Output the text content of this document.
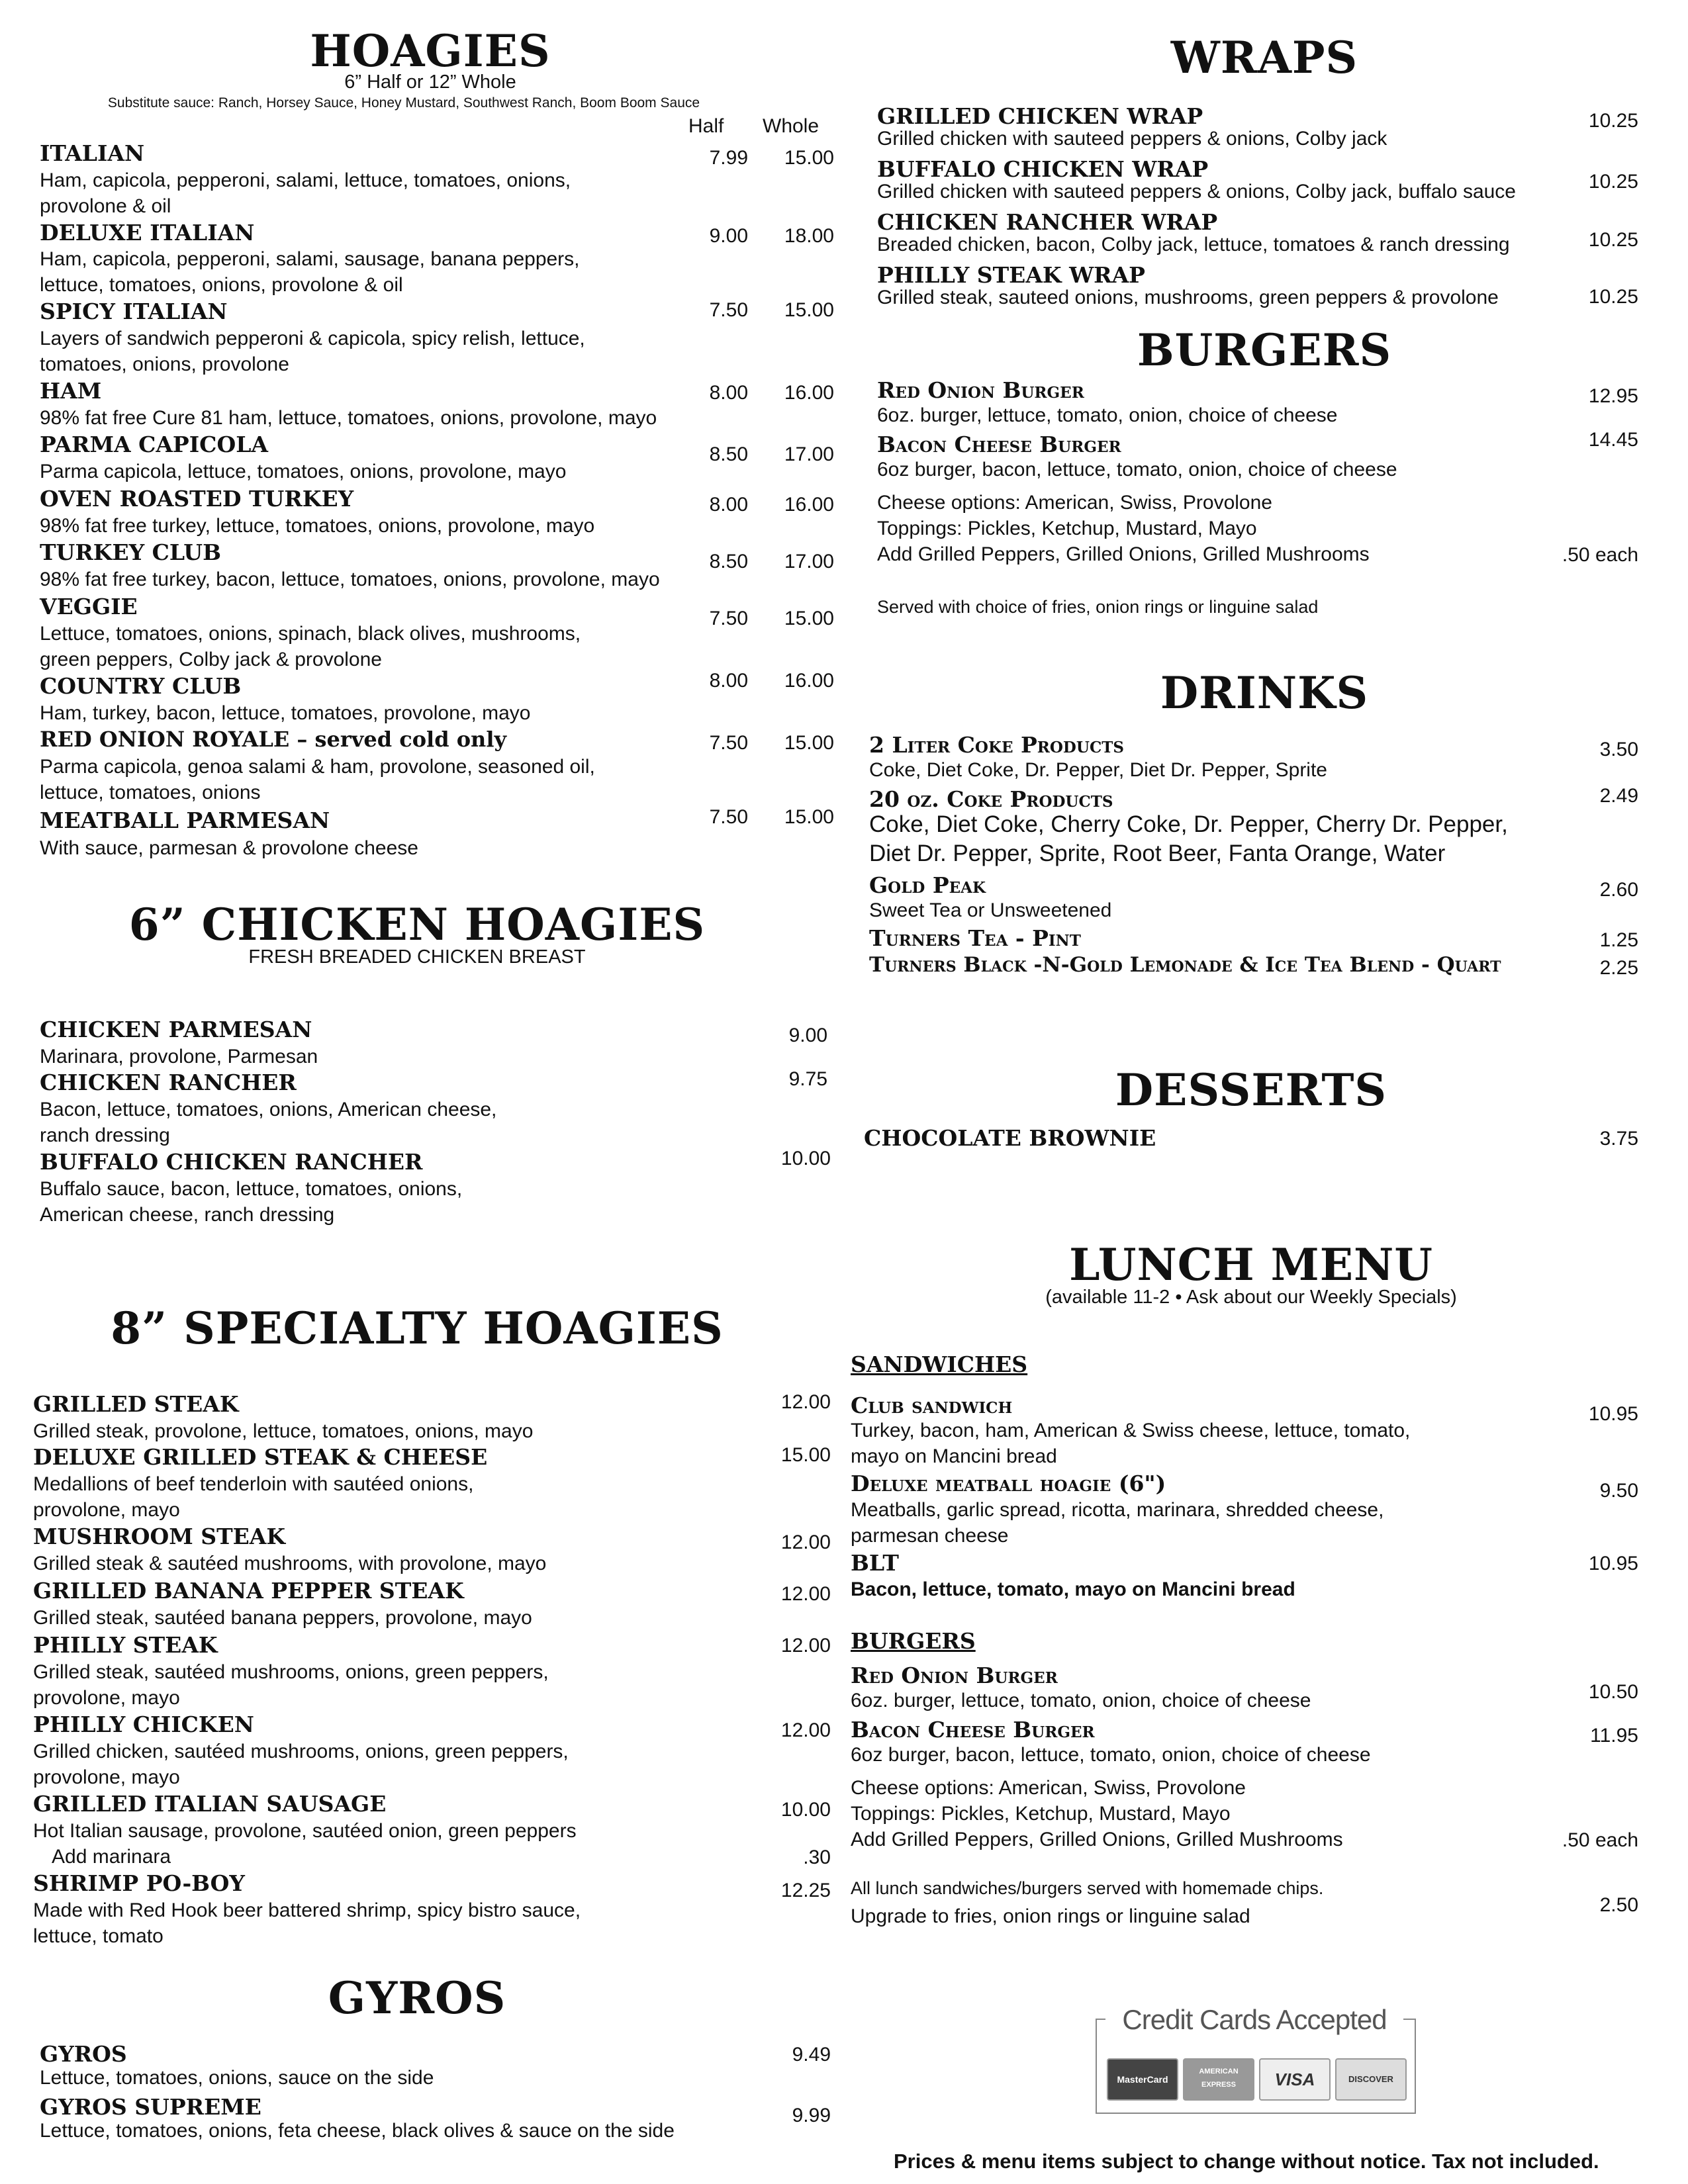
HOAGIES
6” Half or 12” Whole
Substitute sauce: Ranch, Horsey Sauce, Honey Mustard, Southwest Ranch, Boom Boom Sauce
Half Whole
ITALIAN
Ham, capicola, pepperoni, salami, lettuce, tomatoes, onions,
provolone & oil
7.99	15.00
DELUXE ITALIAN
Ham, capicola, pepperoni, salami, sausage, banana peppers,
lettuce, tomatoes, onions, provolone & oil
9.00	18.00
SPICY ITALIAN
Layers of sandwich pepperoni & capicola, spicy relish, lettuce,
tomatoes, onions, provolone
7.50	15.00
HAM
98% fat free Cure 81 ham, lettuce, tomatoes, onions, provolone, mayo
8.00	16.00
PARMA CAPICOLA
Parma capicola, lettuce, tomatoes, onions, provolone, mayo
8.50	17.00
OVEN ROASTED TURKEY
98% fat free turkey, lettuce, tomatoes, onions, provolone, mayo
8.00	16.00
TURKEY CLUB
98% fat free turkey, bacon, lettuce, tomatoes, onions, provolone, mayo
8.50	17.00
VEGGIE
Lettuce, tomatoes, onions, spinach, black olives, mushrooms,
green peppers, Colby jack & provolone
7.50	15.00
COUNTRY CLUB
Ham, turkey, bacon, lettuce, tomatoes, provolone, mayo
8.00	16.00
RED ONION ROYALE – served cold only
Parma capicola, genoa salami & ham, provolone, seasoned oil,
lettuce, tomatoes, onions
7.50	15.00
MEATBALL PARMESAN
With sauce, parmesan & provolone cheese
7.50	15.00
6” CHICKEN HOAGIES
FRESH BREADED CHICKEN BREAST
CHICKEN PARMESAN
Marinara, provolone, Parmesan
9.00
CHICKEN RANCHER
Bacon, lettuce, tomatoes, onions, American cheese,
ranch dressing
9.75
BUFFALO CHICKEN RANCHER
Buffalo sauce, bacon, lettuce, tomatoes, onions,
American cheese, ranch dressing
10.00
8” SPECIALTY HOAGIES
GRILLED STEAK
Grilled steak, provolone, lettuce, tomatoes, onions, mayo
12.00
DELUXE GRILLED STEAK & CHEESE
Medallions of beef tenderloin with sautéed onions,
provolone, mayo
15.00
MUSHROOM STEAK
Grilled steak & sautéed mushrooms, with provolone, mayo
12.00
GRILLED BANANA PEPPER STEAK
Grilled steak, sautéed banana peppers, provolone, mayo
12.00
PHILLY STEAK
Grilled steak, sautéed mushrooms, onions, green peppers,
provolone, mayo
12.00
PHILLY CHICKEN
Grilled chicken, sautéed mushrooms, onions, green peppers,
provolone, mayo
12.00
GRILLED ITALIAN SAUSAGE
Hot Italian sausage, provolone, sautéed onion, green peppers
Add marinara
10.00
.30
SHRIMP PO-BOY
Made with Red Hook beer battered shrimp, spicy bistro sauce,
lettuce, tomato
12.25
GYROS
GYROS
Lettuce, tomatoes, onions, sauce on the side
9.49
GYROS SUPREME
Lettuce, tomatoes, onions, feta cheese, black olives & sauce on the side
9.99
WRAPS
GRILLED CHICKEN WRAP
Grilled chicken with sauteed peppers & onions, Colby jack
10.25
BUFFALO CHICKEN WRAP
Grilled chicken with sauteed peppers & onions, Colby jack, buffalo sauce	10.25
CHICKEN RANCHER WRAP
Breaded chicken, bacon, Colby jack, lettuce, tomatoes & ranch dressing	10.25
PHILLY STEAK WRAP
Grilled steak, sauteed onions, mushrooms, green peppers & provolone	10.25
BURGERS
Red Onion Burger
6oz. burger, lettuce, tomato, onion, choice of cheese
12.95
Bacon Cheese Burger
6oz burger, bacon, lettuce, tomato, onion, choice of cheese
14.45
Cheese options: American, Swiss, Provolone
Toppings: Pickles, Ketchup, Mustard, Mayo
Add Grilled Peppers, Grilled Onions, Grilled Mushrooms	.50 each
Served with choice of fries, onion rings or linguine salad
DRINKS
2 Liter Coke Products
Coke, Diet Coke, Dr. Pepper, Diet Dr. Pepper, Sprite
3.50
20 oz. Coke Products
Coke, Diet Coke, Cherry Coke, Dr. Pepper, Cherry Dr. Pepper,
Diet Dr. Pepper, Sprite, Root Beer, Fanta Orange, Water
2.49
Gold Peak
Sweet Tea or Unsweetened
2.60
Turners Tea - Pint	1.25
Turners Black -N-Gold Lemonade & Ice Tea Blend - Quart	2.25
DESSERTS
CHOCOLATE BROWNIE	3.75
LUNCH MENU
(available 11-2 • Ask about our Weekly Specials)
SANDWICHES
Club sandwich
Turkey, bacon, ham, American & Swiss cheese, lettuce, tomato,
mayo on Mancini bread
10.95
Deluxe meatball hoagie (6")
Meatballs, garlic spread, ricotta, marinara, shredded cheese,
parmesan cheese
9.50
BLT
Bacon, lettuce, tomato, mayo on Mancini bread
10.95
BURGERS
Red Onion Burger
6oz. burger, lettuce, tomato, onion, choice of cheese	10.50
Bacon Cheese Burger
6oz burger, bacon, lettuce, tomato, onion, choice of cheese
11.95
Cheese options: American, Swiss, Provolone
Toppings: Pickles, Ketchup, Mustard, Mayo
Add Grilled Peppers, Grilled Onions, Grilled Mushrooms	.50 each
All lunch sandwiches/burgers served with homemade chips.
Upgrade to fries, onion rings or linguine salad
2.50
Credit Cards Accepted
MasterCard
AMERICAN EXPRESS	VISA	DISCOVER
Prices & menu items subject to change without notice. Tax not included.
